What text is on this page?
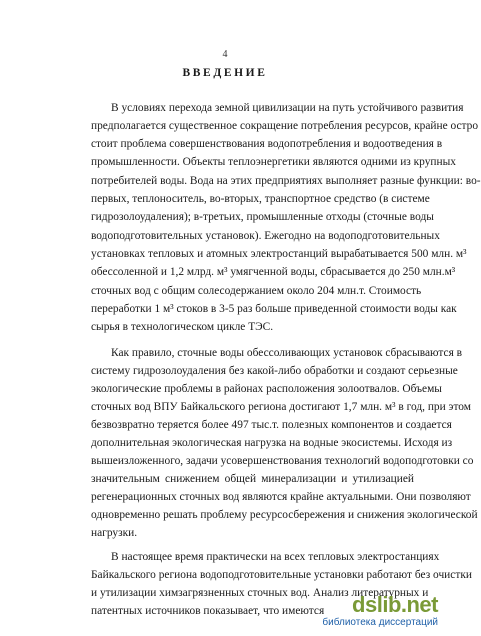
4
ВВЕДЕНИЕ
В условиях перехода земной цивилизации на путь устойчивого развития
предполагается существенное сокращение потребления ресурсов, крайне остро
стоит проблема совершенствования водопотребления и водоотведения в
промышленности. Объекты теплоэнергетики являются одними из крупных
потребителей воды. Вода на этих предприятиях выполняет разные функции: во-
первых, теплоноситель, во-вторых, транспортное средство (в системе
гидрозолоудаления); в-третьих, промышленные отходы (сточные воды
водоподготовительных установок). Ежегодно на водоподготовительных
установках тепловых и атомных электростанций вырабатывается 500 млн. м³
обессоленной и 1,2 млрд. м³ умягченной воды, сбрасывается до 250 млн.м³
сточных вод с общим солесодержанием около 204 млн.т. Стоимость
переработки 1 м³ стоков в 3-5 раз больше приведенной стоимости воды как
сырья в технологическом цикле ТЭС.
Как правило, сточные воды обессоливающих установок сбрасываются в
систему гидрозолоудаления без какой-либо обработки и создают серьезные
экологические проблемы в районах расположения золоотвалов. Объемы
сточных вод ВПУ Байкальского региона достигают 1,7 млн. м³ в год, при этом
безвозвратно теряется более 497 тыс.т. полезных компонентов и создается
дополнительная экологическая нагрузка на водные экосистемы. Исходя из
вышеизложенного, задачи усовершенствования технологий водоподготовки со
значительным снижением общей минерализации и утилизацией
регенерационных сточных вод являются крайне актуальными. Они позволяют
одновременно решать проблему ресурсосбережения и снижения экологической
нагрузки.
В настоящее время практически на всех тепловых электростанциях
Байкальского региона водоподготовительные установки работают без очистки
и утилизации химзагрязненных сточных вод. Анализ литературных и
патентных источников показывает, что имеются	dslib.net
библиотека диссертаций
